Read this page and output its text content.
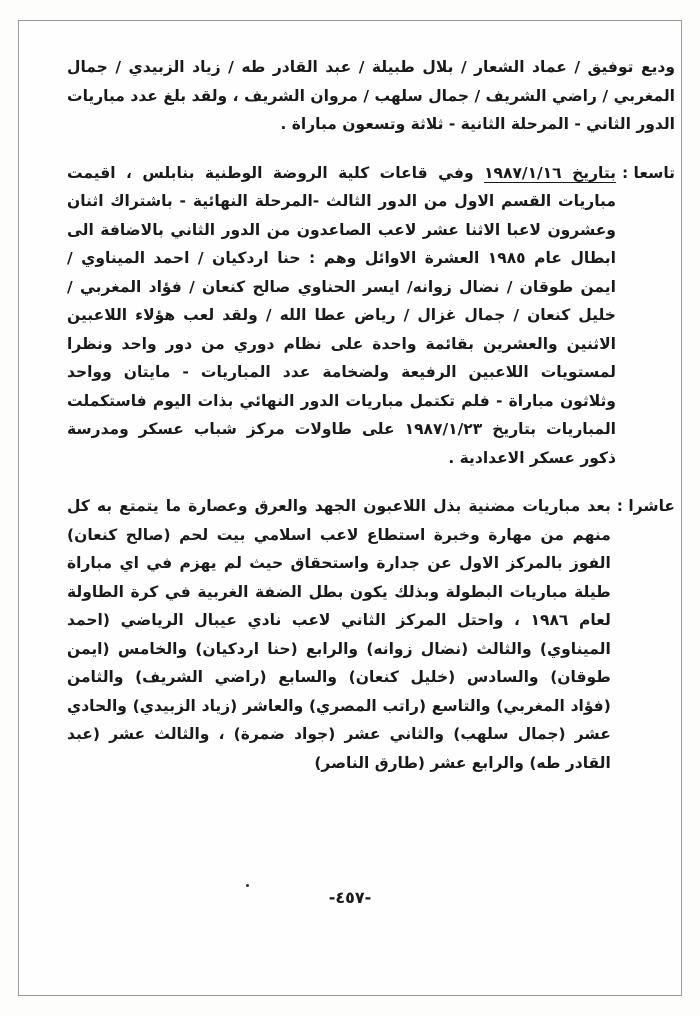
وديع توفيق / عماد الشعار / بلال طبيلة / عبد القادر طه / زياد الزبيدي / جمال المغربي / راضي الشريف / جمال سلهب / مروان الشريف ، ولقد بلغ عدد مباريات الدور الثاني - المرحلة الثانية - ثلاثة وتسعون مباراة .

تاسعا :

بتاريخ ١٩٨٧/١/١٦ وفي قاعات كلية الروضة الوطنية بنابلس ، اقيمت مباريات القسم الاول من الدور الثالث -المرحلة النهائية - باشتراك اثنان وعشرون لاعبا الاثنا عشر لاعب الصاعدون من الدور الثاني بالاضافة الى ابطال عام ١٩٨٥ العشرة الاوائل وهم : حنا اردكيان / احمد الميناوي / ايمن طوقان / نضال زوانه/ ايسر الحناوي صالح كنعان / فؤاد المغربي / خليل كنعان / جمال غزال / رياض عطا الله / ولقد لعب هؤلاء اللاعبين الاثنين والعشرين بقائمة واحدة على نظام دوري من دور واحد ونظرا لمستويات اللاعبين الرفيعة ولضخامة عدد المباريات - مايتان وواحد وثلاثون مباراة - فلم تكتمل مباريات الدور النهائي بذات اليوم فاستكملت المباريات بتاريخ ١٩٨٧/١/٢٣ على طاولات مركز شباب عسكر ومدرسة ذكور عسكر الاعدادية .

عاشرا :

بعد مباريات مضنية بذل اللاعبون الجهد والعرق وعصارة ما يتمتع به كل منهم من مهارة وخبرة استطاع لاعب اسلامي بيت لحم (صالح كنعان) الفوز بالمركز الاول عن جدارة واستحقاق حيث لم يهزم في اي مباراة طيلة مباريات البطولة وبذلك يكون بطل الضفة الغربية في كرة الطاولة لعام ١٩٨٦ ، واحتل المركز الثاني لاعب نادي عيبال الرياضي (احمد الميناوي) والثالث (نضال زوانه) والرابع (حنا اردكيان) والخامس (ايمن طوقان) والسادس (خليل كنعان) والسابع (راضي الشريف) والثامن (فؤاد المغربي) والتاسع (راتب المصري) والعاشر (زياد الزبيدي) والحادي عشر (جمال سلهب) والثاني عشر (جواد ضمرة) ، والثالث عشر (عبد القادر طه) والرابع عشر (طارق الناصر)

-٤٥٧-
